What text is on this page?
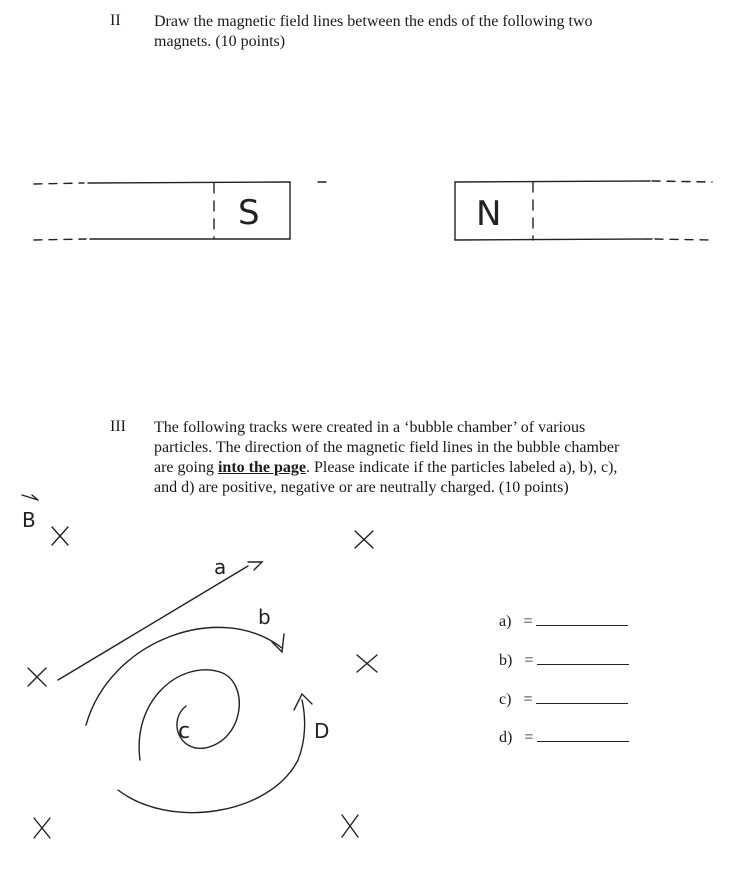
II Draw the magnetic field lines between the ends of the following two magnets. (10 points)
S	N
B
a
b
c	D
III The following tracks were created in a ‘bubble chamber’ of various particles. The direction of the magnetic field lines in the bubble chamber are going into the page. Please indicate if the particles labeled a), b), c), and d) are positive, negative or are neutrally charged. (10 points)
a) =
b) =
c) =
d) =
